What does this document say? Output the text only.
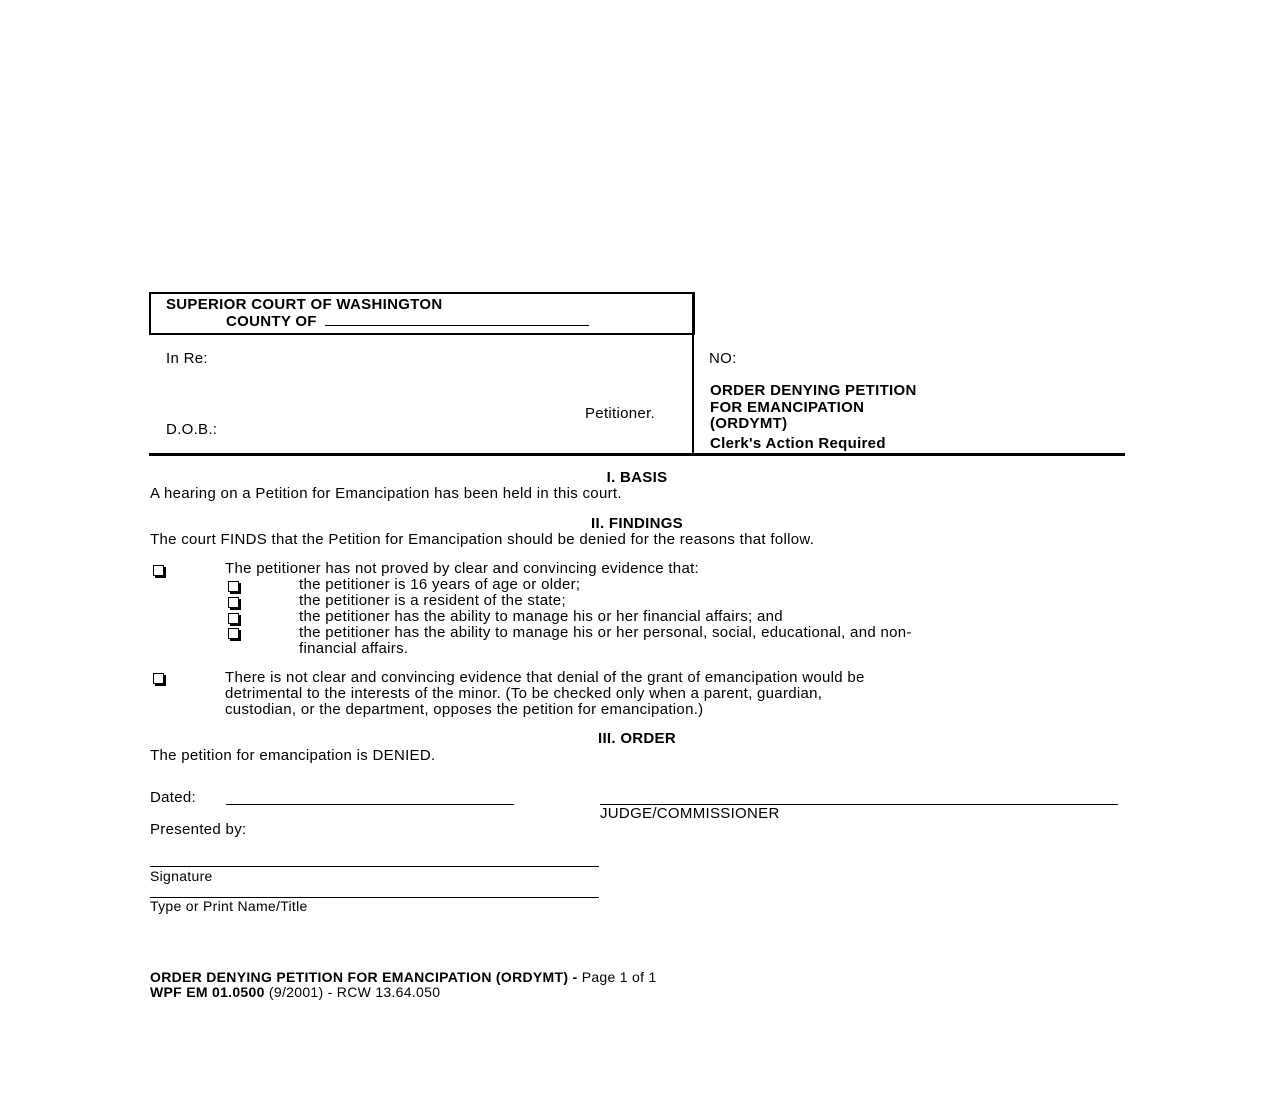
SUPERIOR COURT OF WASHINGTON
COUNTY OF
In Re:
Petitioner.
D.O.B.:
NO:
ORDER DENYING PETITION
FOR EMANCIPATION
(ORDYMT)
Clerk's Action Required
I. BASIS
A hearing on a Petition for Emancipation has been held in this court.
II. FINDINGS
The court FINDS that the Petition for Emancipation should be denied for the reasons that follow.
The petitioner has not proved by clear and convincing evidence that:
the petitioner is 16 years of age or older;
the petitioner is a resident of the state;
the petitioner has the ability to manage his or her financial affairs; and
the petitioner has the ability to manage his or her personal, social, educational, and non-
financial affairs.
There is not clear and convincing evidence that denial of the grant of emancipation would be
detrimental to the interests of the minor. (To be checked only when a parent, guardian,
custodian, or the department, opposes the petition for emancipation.)
III. ORDER
The petition for emancipation is DENIED.
Dated:
JUDGE/COMMISSIONER
Presented by:
Signature
Type or Print Name/Title
ORDER DENYING PETITION FOR EMANCIPATION (ORDYMT) - Page 1 of 1
WPF EM 01.0500 (9/2001) - RCW 13.64.050
